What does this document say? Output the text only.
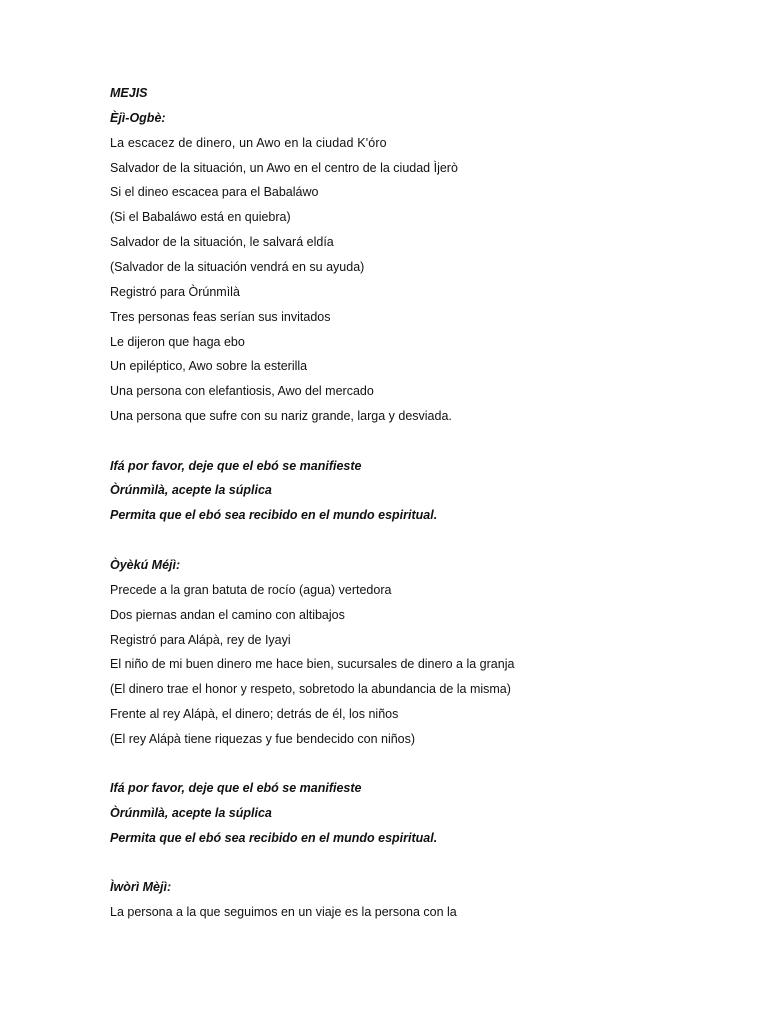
MEJIS

Èjì-Ogbè:

La escacez de dinero, un Awo en la ciudad K'óro

Salvador de la situación, un Awo en el centro de la ciudad Ìjerò

Si el dineo escacea para el Babaláwo

(Si el Babaláwo está en quiebra)

Salvador de la situación, le salvará eldía

(Salvador de la situación vendrá en su ayuda)

Registró para Òrúnmìlà

Tres personas feas serían sus invitados

Le dijeron que haga ebo

Un epiléptico, Awo sobre la esterilla

Una persona con elefantiosis, Awo del mercado

Una persona que sufre con su nariz grande, larga y desviada.

Ifá por favor, deje que el ebó se manifieste

Òrúnmìlà, acepte la súplica

Permita que el ebó sea recibido en el mundo espiritual.

Òyèkú Méjì:

Precede a la gran batuta de rocío (agua) vertedora

Dos piernas andan el camino con altibajos

Registró para Alápà, rey de Iyayi

El niño de mi buen dinero me hace bien, sucursales de dinero a la granja

(El dinero trae el honor y respeto, sobretodo la abundancia de la misma)

Frente al rey Alápà, el dinero; detrás de él, los niños

(El rey Alápà tiene riquezas y fue bendecido con niños)

Ifá por favor, deje que el ebó se manifieste

Òrúnmìlà, acepte la súplica

Permita que el ebó sea recibido en el mundo espiritual.

Ìwòrì Mèjì:

La persona a la que seguimos en un viaje es la persona con la
